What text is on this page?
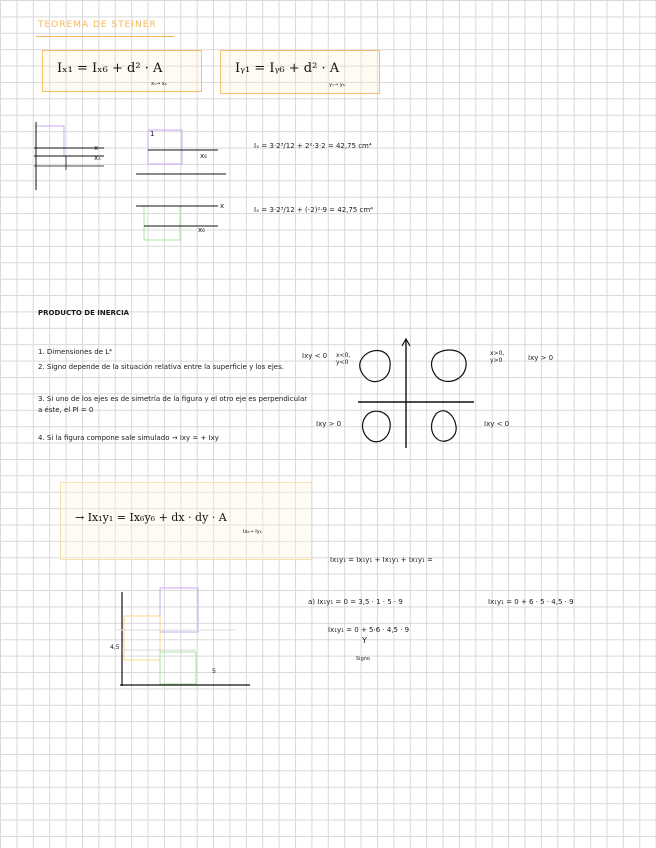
TEOREMA DE STEINER
Iₓ₁ = Iₓ₆ + d² · A
x₁→ x₆
Iᵧ₁ = Iᵧ₆ + d² · A
y₁→ y₆
x
xₛ
1
x₆
x
x₆
Iₓ = 3·2³/12 + 2²·3·2 = 42,75 cm⁴
Iₓ = 3·2³/12 + (-2)²·9 = 42,75 cm⁴
PRODUCTO DE INERCIA
1. Dimensiones de L⁴
2. Signo depende de la situación relativa entre la superficie y los ejes.
3. Si uno de los ejes es de simetría de la figura y el otro eje es perpendicular a éste, el Pl = 0
4. Si la figura compone sale simulado → Ixy = + Ixy
Ixy < 0 x<0, y<0
x>0, y>0	Ixy > 0
Ixy > 0	Ixy < 0
→ Ix₁y₁ = Ix₆y₆ + dx · dy · A
Ix₆→ Iy₆
Ix₁y₁ = Ix₁y₁ + Ix₁y₁ + Ix₁y₁ =
a) Ix₁y₁ = 0 = 3,5 · 1 · 5 · 9	Ix₁y₁ = 0 + 6 · 5 · 4,5 · 9
Ix₁y₁ = 0 + 5·6 · 4,5 · 9
Y
Signo
4,5
5
